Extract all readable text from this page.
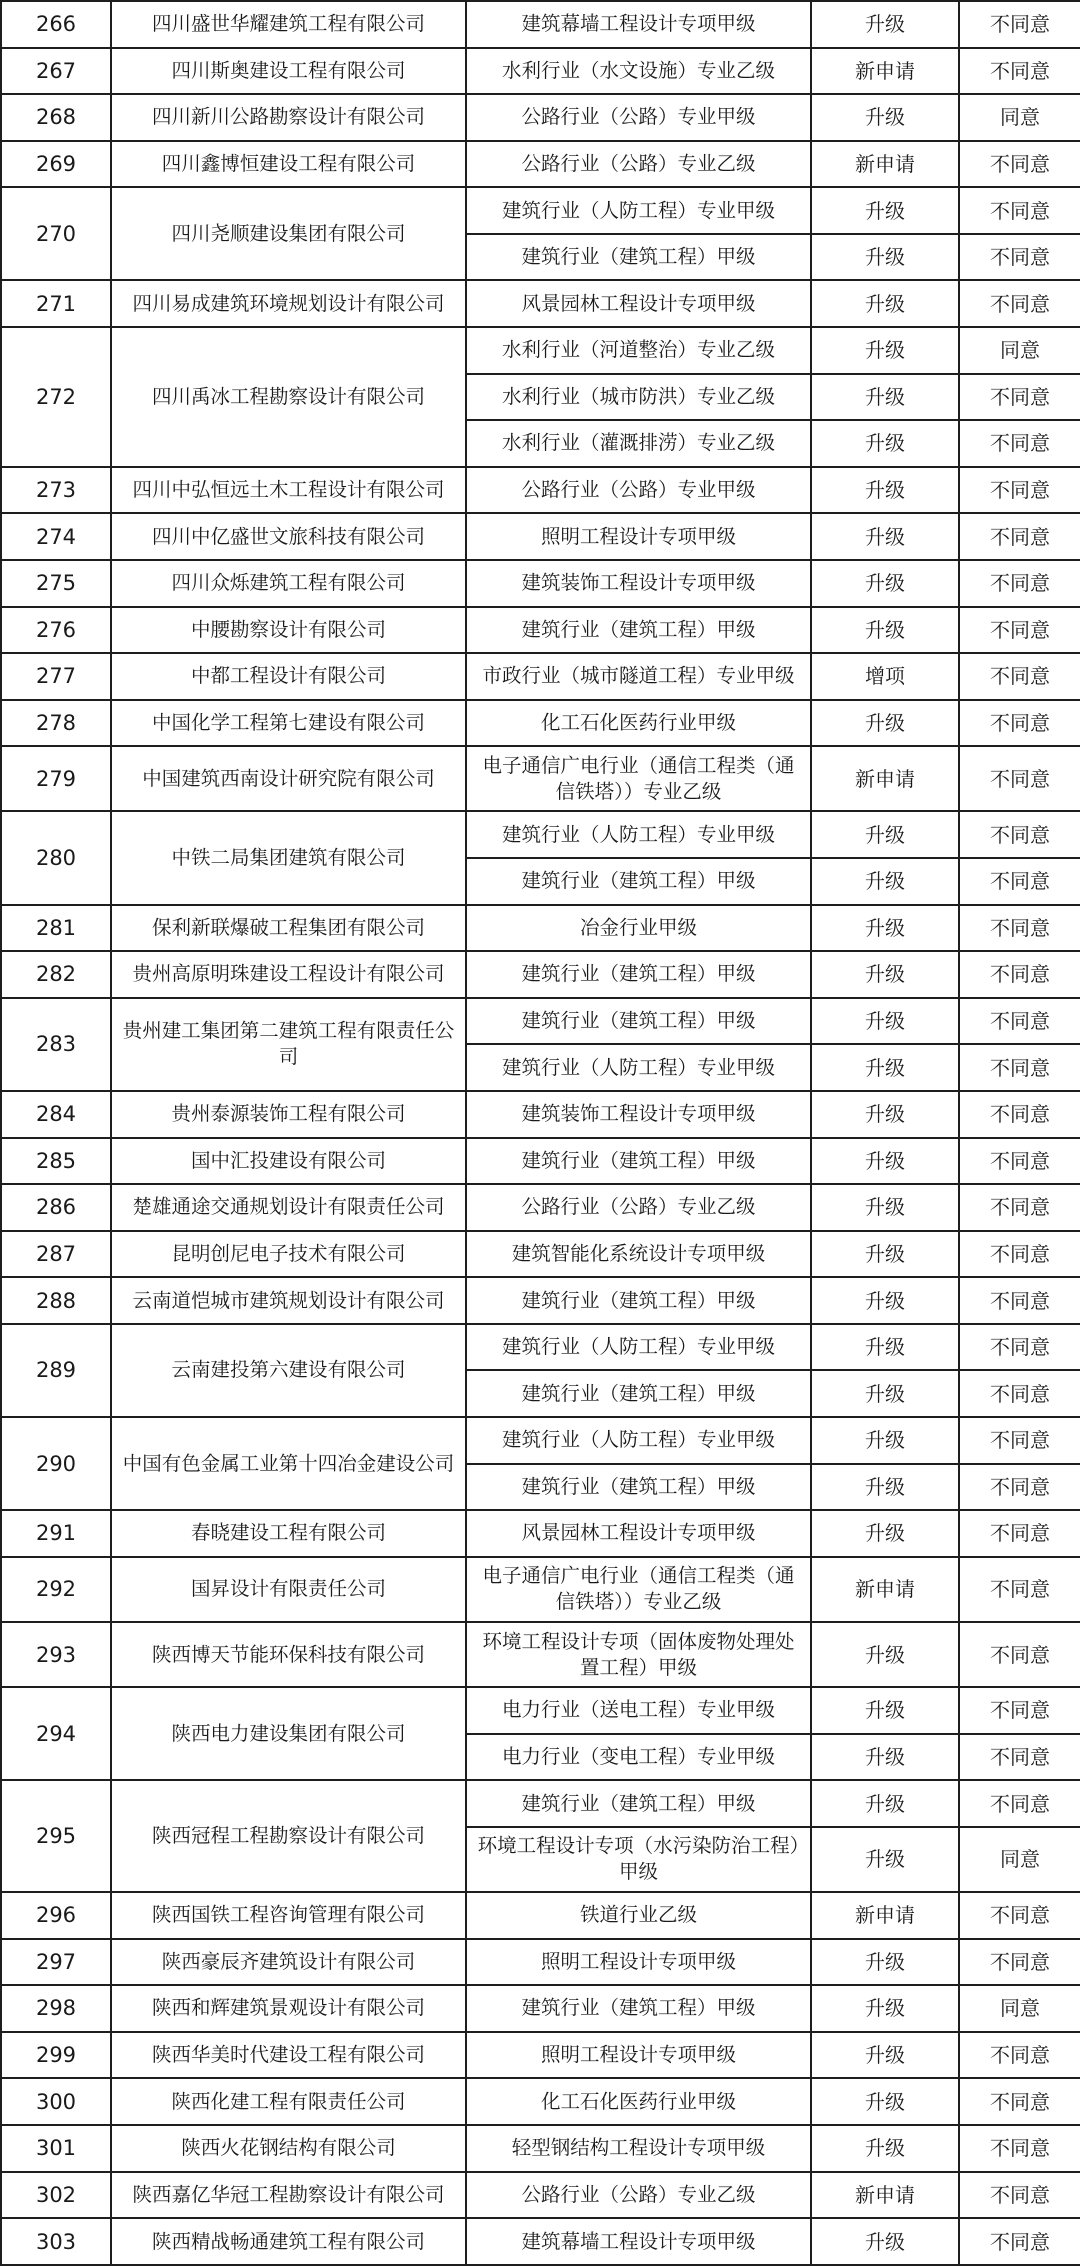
266	四川盛世华耀建筑工程有限公司	建筑幕墙工程设计专项甲级	升级	不同意
267	四川斯奥建设工程有限公司	水利行业（水文设施）专业乙级	新申请	不同意
268	四川新川公路勘察设计有限公司	公路行业（公路）专业甲级	升级	同意
269	四川鑫博恒建设工程有限公司	公路行业（公路）专业乙级	新申请	不同意
270	四川尧顺建设集团有限公司	建筑行业（人防工程）专业甲级	升级	不同意
		建筑行业（建筑工程）甲级	升级	不同意
271	四川易成建筑环境规划设计有限公司	风景园林工程设计专项甲级	升级	不同意
272	四川禹冰工程勘察设计有限公司	水利行业（河道整治）专业乙级	升级	同意
		水利行业（城市防洪）专业乙级	升级	不同意
		水利行业（灌溉排涝）专业乙级	升级	不同意
273	四川中弘恒远土木工程设计有限公司	公路行业（公路）专业甲级	升级	不同意
274	四川中亿盛世文旅科技有限公司	照明工程设计专项甲级	升级	不同意
275	四川众烁建筑工程有限公司	建筑装饰工程设计专项甲级	升级	不同意
276	中腰勘察设计有限公司	建筑行业（建筑工程）甲级	升级	不同意
277	中都工程设计有限公司	市政行业（城市隧道工程）专业甲级	增项	不同意
278	中国化学工程第七建设有限公司	化工石化医药行业甲级	升级	不同意
279	中国建筑西南设计研究院有限公司	电子通信广电行业（通信工程类（通信铁塔））专业乙级	新申请	不同意
280	中铁二局集团建筑有限公司	建筑行业（人防工程）专业甲级	升级	不同意
		建筑行业（建筑工程）甲级	升级	不同意
281	保利新联爆破工程集团有限公司	冶金行业甲级	升级	不同意
282	贵州高原明珠建设工程设计有限公司	建筑行业（建筑工程）甲级	升级	不同意
283	贵州建工集团第二建筑工程有限责任公司	建筑行业（建筑工程）甲级	升级	不同意
		建筑行业（人防工程）专业甲级	升级	不同意
284	贵州泰源装饰工程有限公司	建筑装饰工程设计专项甲级	升级	不同意
285	国中汇投建设有限公司	建筑行业（建筑工程）甲级	升级	不同意
286	楚雄通途交通规划设计有限责任公司	公路行业（公路）专业乙级	升级	不同意
287	昆明创尼电子技术有限公司	建筑智能化系统设计专项甲级	升级	不同意
288	云南道恺城市建筑规划设计有限公司	建筑行业（建筑工程）甲级	升级	不同意
289	云南建投第六建设有限公司	建筑行业（人防工程）专业甲级	升级	不同意
		建筑行业（建筑工程）甲级	升级	不同意
290	中国有色金属工业第十四冶金建设公司	建筑行业（人防工程）专业甲级	升级	不同意
		建筑行业（建筑工程）甲级	升级	不同意
291	春晓建设工程有限公司	风景园林工程设计专项甲级	升级	不同意
292	国昇设计有限责任公司	电子通信广电行业（通信工程类（通信铁塔））专业乙级	新申请	不同意
293	陕西博天节能环保科技有限公司	环境工程设计专项（固体废物处理处置工程）甲级	升级	不同意
294	陕西电力建设集团有限公司	电力行业（送电工程）专业甲级	升级	不同意
		电力行业（变电工程）专业甲级	升级	不同意
295	陕西冠程工程勘察设计有限公司	建筑行业（建筑工程）甲级	升级	不同意
		环境工程设计专项（水污染防治工程）甲级	升级	同意
296	陕西国铁工程咨询管理有限公司	铁道行业乙级	新申请	不同意
297	陕西豪辰齐建筑设计有限公司	照明工程设计专项甲级	升级	不同意
298	陕西和辉建筑景观设计有限公司	建筑行业（建筑工程）甲级	升级	同意
299	陕西华美时代建设工程有限公司	照明工程设计专项甲级	升级	不同意
300	陕西化建工程有限责任公司	化工石化医药行业甲级	升级	不同意
301	陕西火花钢结构有限公司	轻型钢结构工程设计专项甲级	升级	不同意
302	陕西嘉亿华冠工程勘察设计有限公司	公路行业（公路）专业乙级	新申请	不同意
303	陕西精战畅通建筑工程有限公司	建筑幕墙工程设计专项甲级	升级	不同意
